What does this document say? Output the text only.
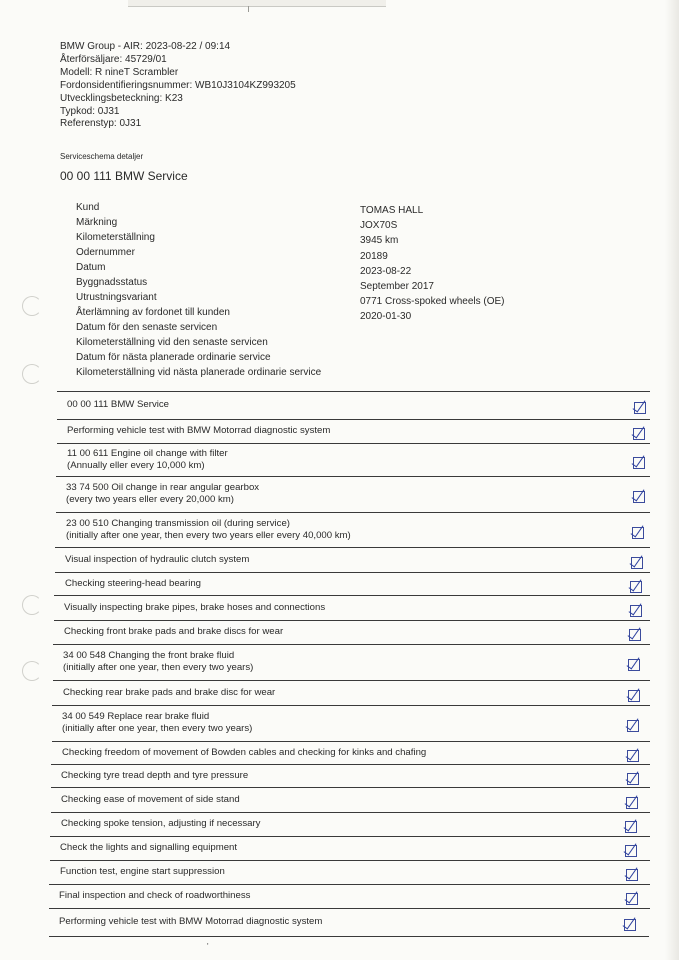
BMW Group - AIR: 2023-08-22 / 09:14
Återförsäljare: 45729/01
Modell: R nineT Scrambler
Fordonsidentifieringsnummer: WB10J3104KZ993205
Utvecklingsbeteckning: K23
Typkod: 0J31
Referenstyp: 0J31
Serviceschema detaljer
00 00 111 BMW Service
Kund
Märkning
Kilometerställning
Odernummer
Datum
Byggnadsstatus
Utrustningsvariant
Återlämning av fordonet till kunden
Datum för den senaste servicen
Kilometerställning vid den senaste servicen
Datum för nästa planerade ordinarie service
Kilometerställning vid nästa planerade ordinarie service
TOMAS HALL
JOX70S
3945 km
20189
2023-08-22
September 2017
0771 Cross-spoked wheels (OE)
2020-01-30
00 00 111 BMW Service
Performing vehicle test with BMW Motorrad diagnostic system
11 00 611 Engine oil change with filter
(Annually eller every 10,000 km)
33 74 500 Oil change in rear angular gearbox
(every two years eller every 20,000 km)
23 00 510 Changing transmission oil (during service)
(initially after one year, then every two years eller every 40,000 km)
Visual inspection of hydraulic clutch system
Checking steering-head bearing
Visually inspecting brake pipes, brake hoses and connections
Checking front brake pads and brake discs for wear
34 00 548 Changing the front brake fluid
(initially after one year, then every two years)
Checking rear brake pads and brake disc for wear
34 00 549 Replace rear brake fluid
(initially after one year, then every two years)
Checking freedom of movement of Bowden cables and checking for kinks and chafing
Checking tyre tread depth and tyre pressure
Checking ease of movement of side stand
Checking spoke tension, adjusting if necessary
Check the lights and signalling equipment
Function test, engine start suppression
Final inspection and check of roadworthiness
Performing vehicle test with BMW Motorrad diagnostic system
'
